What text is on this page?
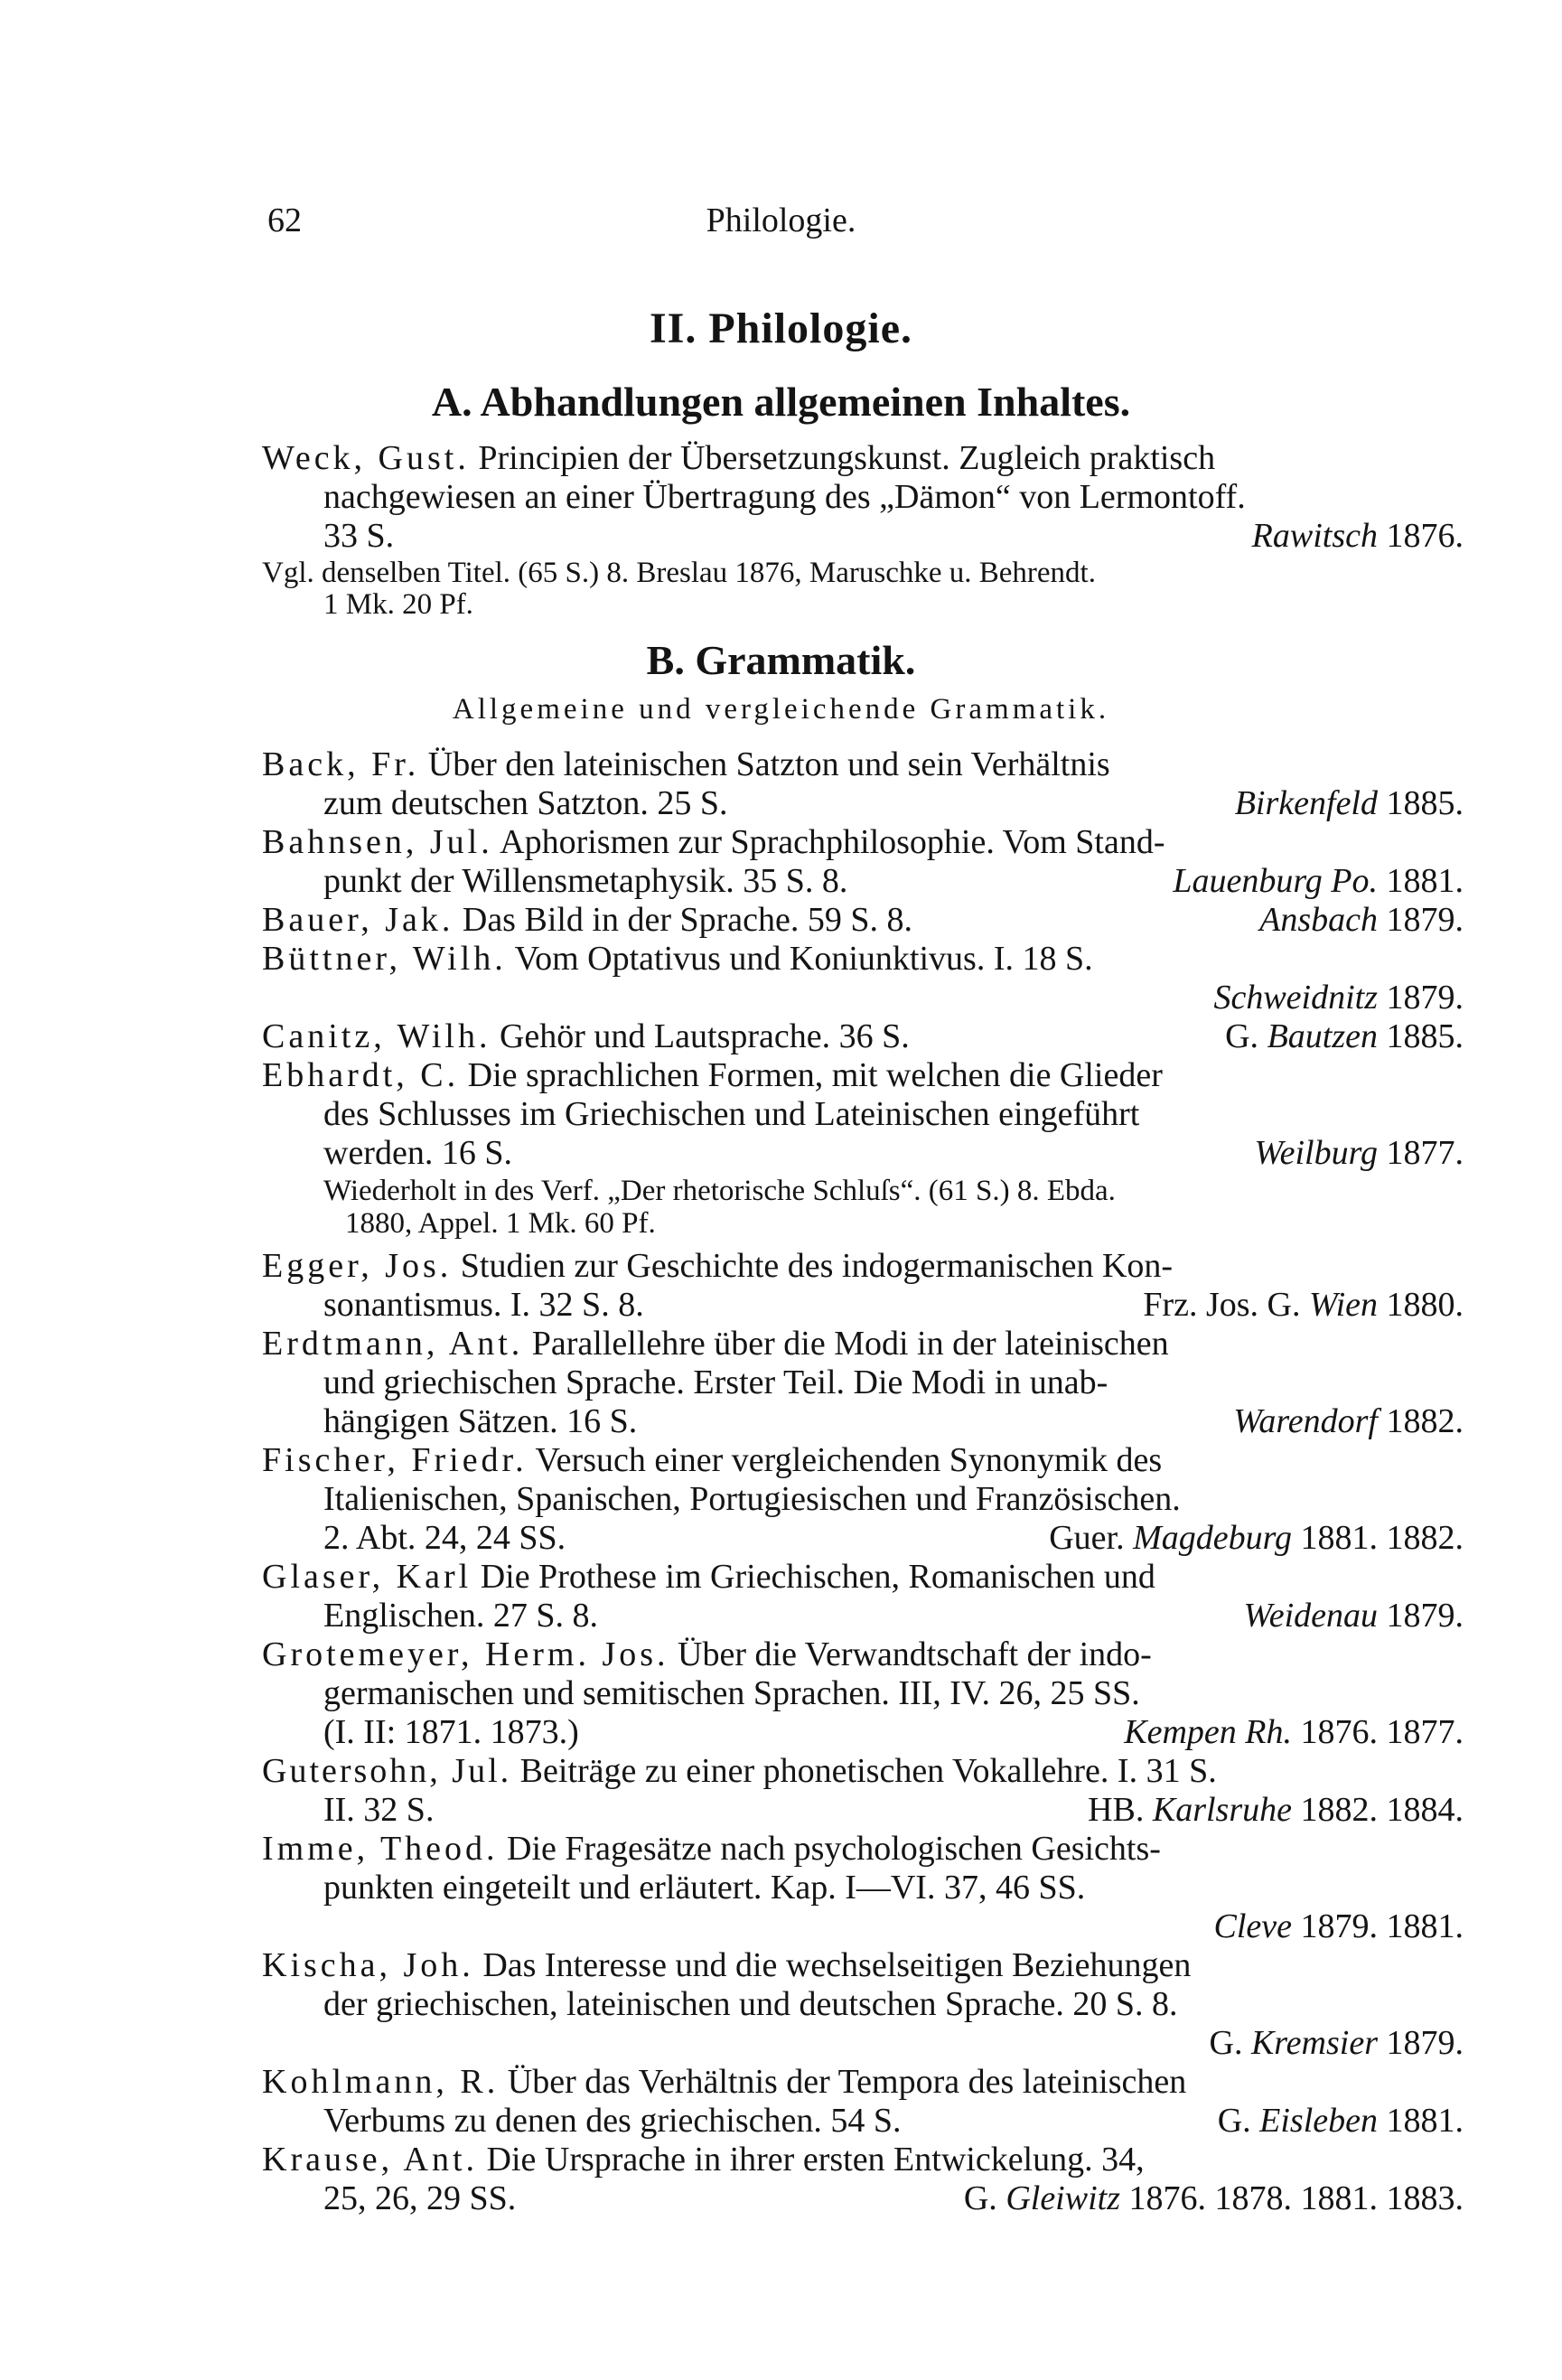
62	Philologie.
II. Philologie.
A. Abhandlungen allgemeinen Inhaltes.
Weck, Gust. Principien der Übersetzungskunst. Zugleich praktisch
nachgewiesen an einer Übertragung des „Dämon“ von Lermontoff.
33 S.	Rawitsch 1876.
Vgl. denselben Titel. (65 S.) 8. Breslau 1876, Maruschke u. Behrendt.
1 Mk. 20 Pf.
B. Grammatik.
Allgemeine und vergleichende Grammatik.
Back, Fr. Über den lateinischen Satzton und sein Verhältnis
zum deutschen Satzton. 25 S.	Birkenfeld 1885.
Bahnsen, Jul. Aphorismen zur Sprachphilosophie. Vom Stand-
punkt der Willensmetaphysik. 35 S. 8.	Lauenburg Po. 1881.
Bauer, Jak. Das Bild in der Sprache. 59 S. 8.	Ansbach 1879.
Büttner, Wilh. Vom Optativus und Koniunktivus. I. 18 S.
Schweidnitz 1879.
Canitz, Wilh. Gehör und Lautsprache. 36 S.	G. Bautzen 1885.
Ebhardt, C. Die sprachlichen Formen, mit welchen die Glieder
des Schlusses im Griechischen und Lateinischen eingeführt
werden. 16 S.	Weilburg 1877.
Wiederholt in des Verf. „Der rhetorische Schluſs“. (61 S.) 8. Ebda.
1880, Appel. 1 Mk. 60 Pf.
Egger, Jos. Studien zur Geschichte des indogermanischen Kon-
sonantismus. I. 32 S. 8.	Frz. Jos. G. Wien 1880.
Erdtmann, Ant. Parallellehre über die Modi in der lateinischen
und griechischen Sprache. Erster Teil. Die Modi in unab-
hängigen Sätzen. 16 S.	Warendorf 1882.
Fischer, Friedr. Versuch einer vergleichenden Synonymik des
Italienischen, Spanischen, Portugiesischen und Französischen.
2. Abt. 24, 24 SS.	Guer. Magdeburg 1881. 1882.
Glaser, Karl Die Prothese im Griechischen, Romanischen und
Englischen. 27 S. 8.	Weidenau 1879.
Grotemeyer, Herm. Jos. Über die Verwandtschaft der indo-
germanischen und semitischen Sprachen. III, IV. 26, 25 SS.
(I. II: 1871. 1873.)	Kempen Rh. 1876. 1877.
Gutersohn, Jul. Beiträge zu einer phonetischen Vokallehre. I. 31 S.
II. 32 S.	HB. Karlsruhe 1882. 1884.
Imme, Theod. Die Fragesätze nach psychologischen Gesichts-
punkten eingeteilt und erläutert. Kap. I—VI. 37, 46 SS.
Cleve 1879. 1881.
Kischa, Joh. Das Interesse und die wechselseitigen Beziehungen
der griechischen, lateinischen und deutschen Sprache. 20 S. 8.
G. Kremsier 1879.
Kohlmann, R. Über das Verhältnis der Tempora des lateinischen
Verbums zu denen des griechischen. 54 S.	G. Eisleben 1881.
Krause, Ant. Die Ursprache in ihrer ersten Entwickelung. 34,
25, 26, 29 SS.	G. Gleiwitz 1876. 1878. 1881. 1883.
